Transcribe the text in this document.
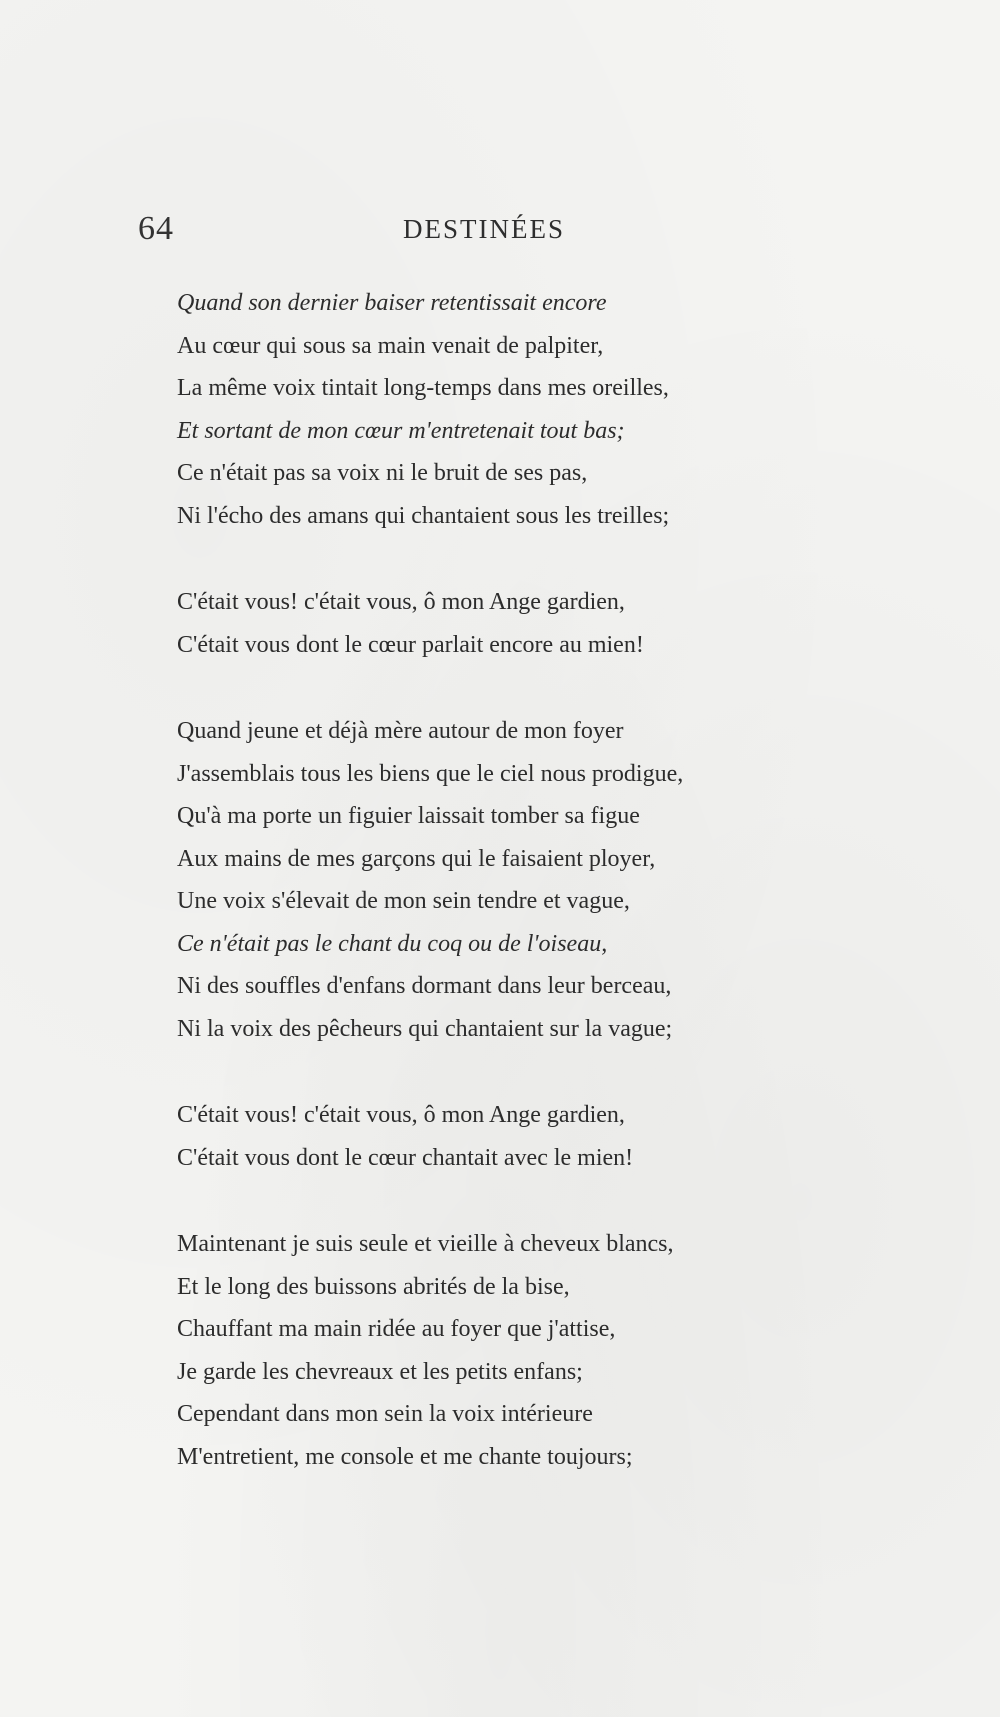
64	DESTINÉES
Quand son dernier baiser retentissait encore
Au cœur qui sous sa main venait de palpiter,
La même voix tintait long-temps dans mes oreilles,
Et sortant de mon cœur m'entretenait tout bas;
Ce n'était pas sa voix ni le bruit de ses pas,
Ni l'écho des amans qui chantaient sous les treilles;
C'était vous! c'était vous, ô mon Ange gardien,
C'était vous dont le cœur parlait encore au mien!
Quand jeune et déjà mère autour de mon foyer
J'assemblais tous les biens que le ciel nous prodigue,
Qu'à ma porte un figuier laissait tomber sa figue
Aux mains de mes garçons qui le faisaient ployer,
Une voix s'élevait de mon sein tendre et vague,
Ce n'était pas le chant du coq ou de l'oiseau,
Ni des souffles d'enfans dormant dans leur berceau,
Ni la voix des pêcheurs qui chantaient sur la vague;
C'était vous! c'était vous, ô mon Ange gardien,
C'était vous dont le cœur chantait avec le mien!
Maintenant je suis seule et vieille à cheveux blancs,
Et le long des buissons abrités de la bise,
Chauffant ma main ridée au foyer que j'attise,
Je garde les chevreaux et les petits enfans;
Cependant dans mon sein la voix intérieure
M'entretient, me console et me chante toujours;
